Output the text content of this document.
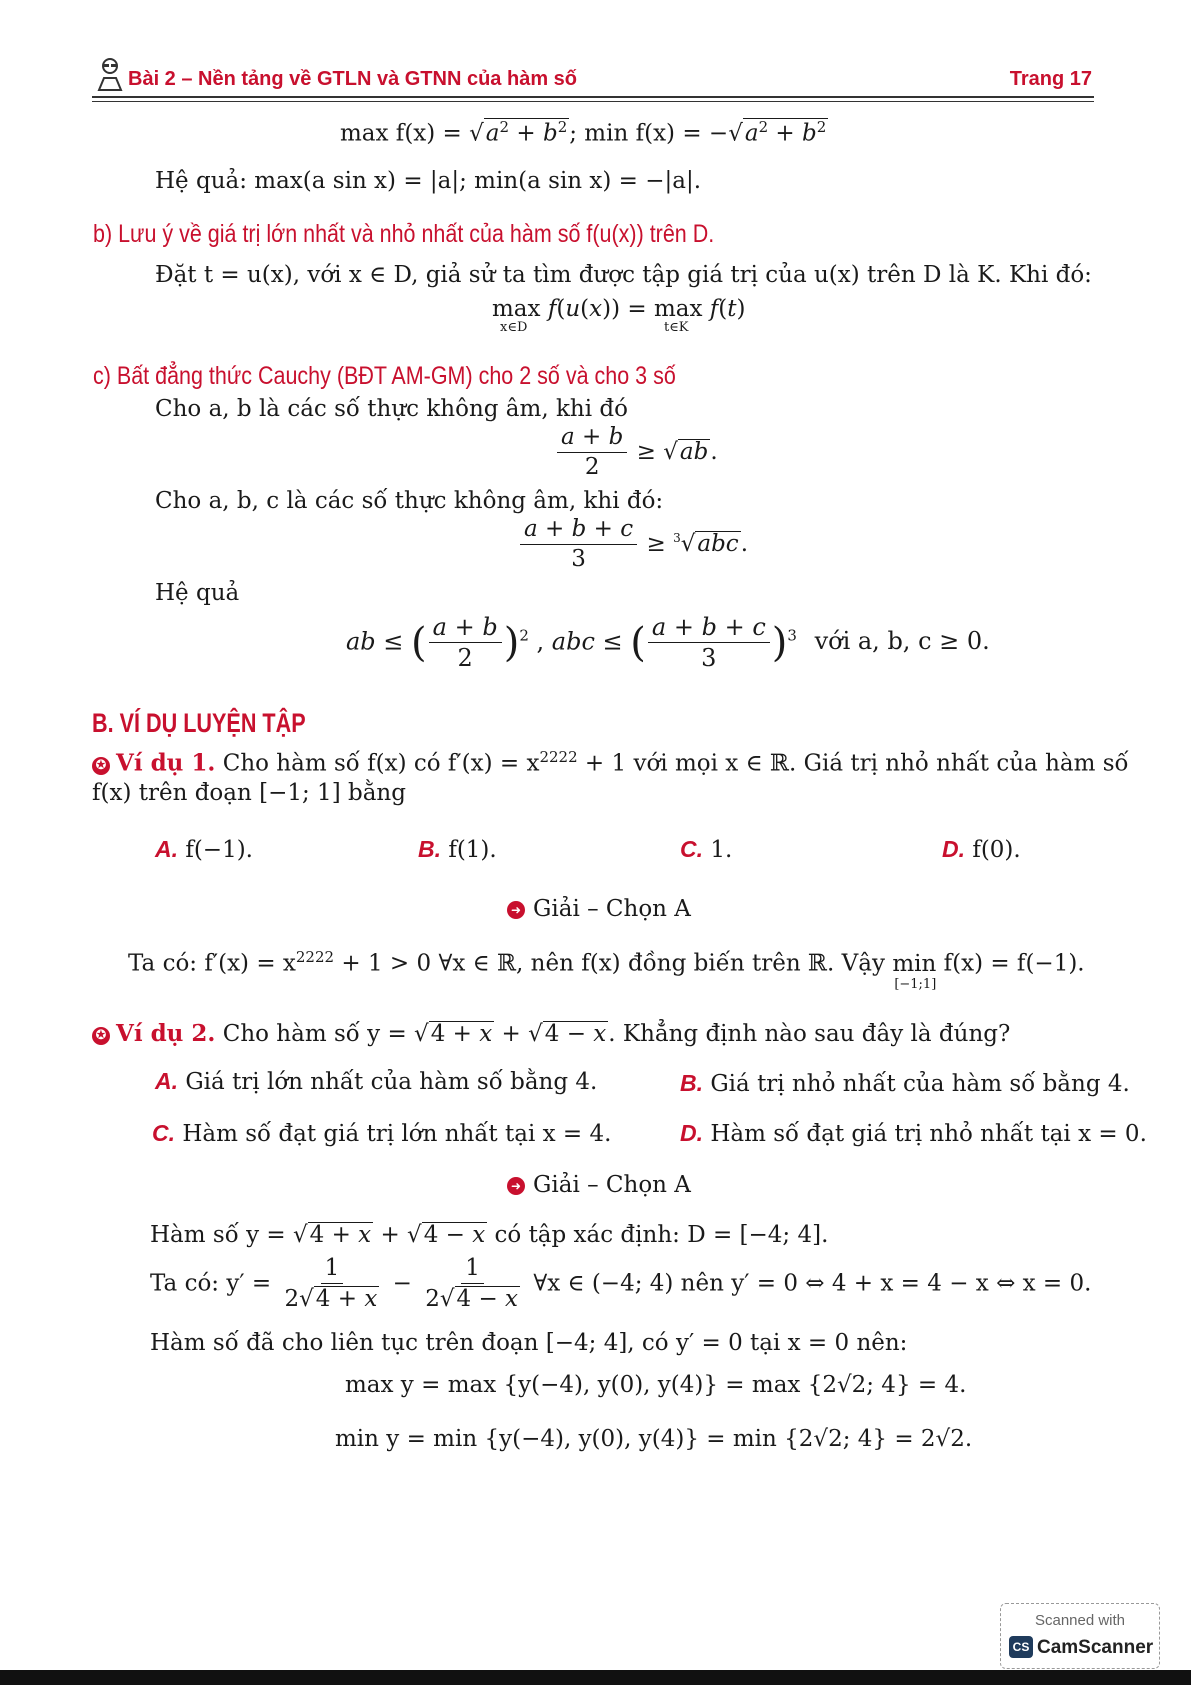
Bài 2 – Nền tảng về GTLN và GTNN của hàm số	Trang 17
$\max f(x) = √a^2 + b^2$; $\min f(x) = -√a^2 + b^2$
Hệ quả: max(a sin x) = |a|; min(a sin x) = −|a|.
b) Lưu ý về giá trị lớn nhất và nhỏ nhất của hàm số f(u(x)) trên D.
Đặt t = u(x), với x ∈ D, giả sử ta tìm được tập giá trị của u(x) trên D là K. Khi đó:
max
x∈D
f(u(x)) = max
t∈K
f(t)
c) Bất đẳng thức Cauchy (BĐT AM-GM) cho 2 số và cho 3 số
Cho a, b là các số thực không âm, khi đó
$\frac{a + b}{2} \ge √ab$.
Cho a, b, c là các số thực không âm, khi đó:
$\frac{a + b + c}{3} \ge ^3√abc$.
Hệ quả
ab ≤ ( $\frac{a + b}{2} )^2$ , abc ≤ ( $\frac{a + b + c}{3} )^3$ với a, b, c ≥ 0.
B. VÍ DỤ LUYỆN TẬP
✪ Ví dụ 1. Cho hàm số f(x) có $f'(x) = x^{2222} + 1$ với mọi x ∈ ℝ. Giá trị nhỏ nhất của hàm số
f(x) trên đoạn [−1; 1] bằng
A. f(−1).	B. f(1).	C. 1.	D. f(0).
➜ Giải – Chọn A
Ta có: $f'(x) = x^{2222} + 1 > 0$ ∀x ∈ ℝ, nên f(x) đồng biến trên ℝ. Vậy min
[−1;1]
f(x) = f(−1).
✪ Ví dụ 2. Cho hàm số y = √4 + x + √4 − x. Khẳng định nào sau đây là đúng?
A. Giá trị lớn nhất của hàm số bằng 4.	B. Giá trị nhỏ nhất của hàm số bằng 4.
C. Hàm số đạt giá trị lớn nhất tại x = 4.	D. Hàm số đạt giá trị nhỏ nhất tại x = 0.
➜ Giải – Chọn A
Hàm số y = √4 + x + √4 − x có tập xác định: D = [−4; 4].
Ta có: $y' = \frac{1}{2√4 + x} - \frac{1}{2√4 - x}$ ∀x ∈ (−4; 4) nên y′ = 0 ⇔ 4 + x = 4 − x ⇔ x = 0.
Hàm số đã cho liên tục trên đoạn [−4; 4], có y′ = 0 tại x = 0 nên:
max y = max {y(−4), y(0), y(4)} = max {2√2; 4} = 4.
min y = min {y(−4), y(0), y(4)} = min {2√2; 4} = 2√2.
Scanned with
CS CamScanner
